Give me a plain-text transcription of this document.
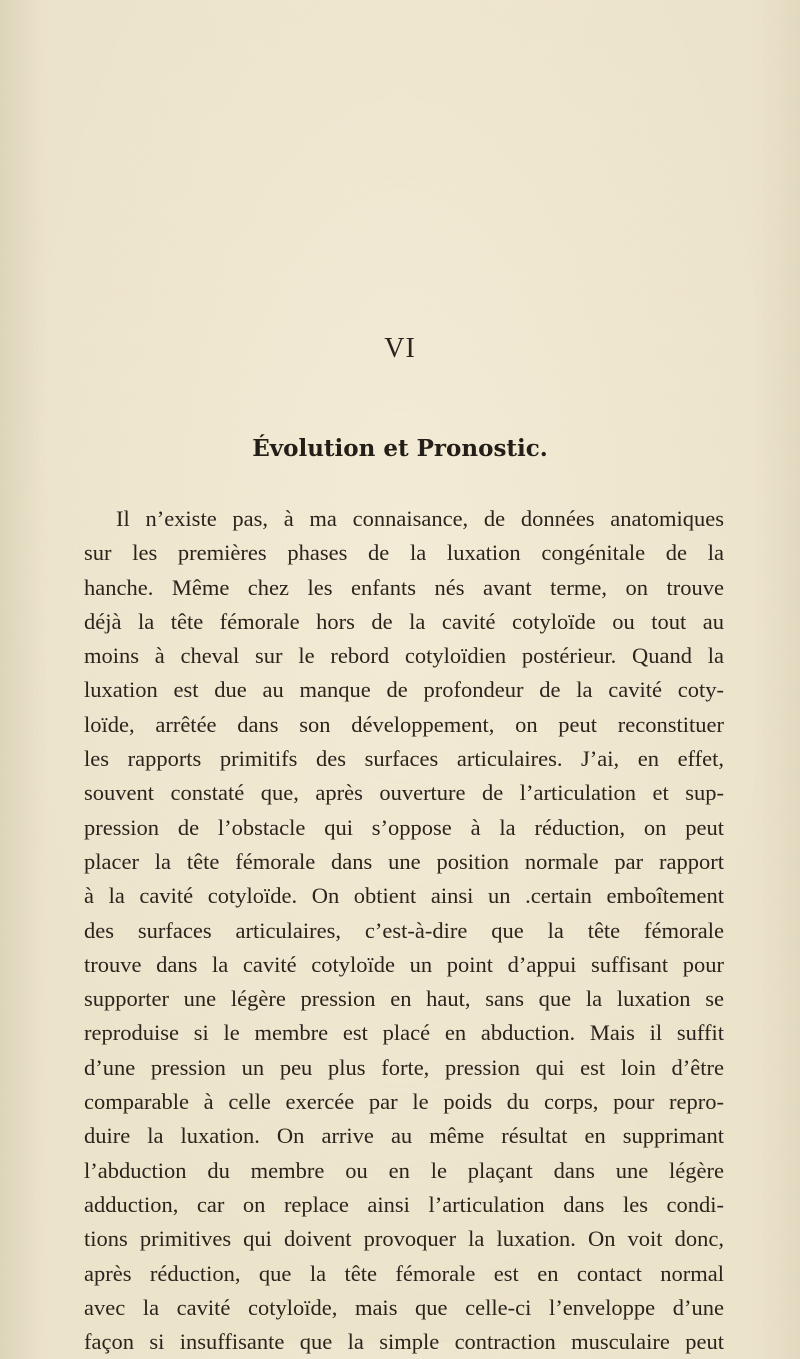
VI
Évolution et Pronostic.
Il n’existe pas, à ma connaisance, de données anatomiques
sur les premières phases de la luxation congénitale de la
hanche. Même chez les enfants nés avant terme, on trouve
déjà la tête fémorale hors de la cavité cotyloïde ou tout au
moins à cheval sur le rebord cotyloïdien postérieur. Quand la
luxation est due au manque de profondeur de la cavité coty-
loïde, arrêtée dans son développement, on peut reconstituer
les rapports primitifs des surfaces articulaires. J’ai, en effet,
souvent constaté que, après ouverture de l’articulation et sup-
pression de l’obstacle qui s’oppose à la réduction, on peut
placer la tête fémorale dans une position normale par rapport
à la cavité cotyloïde. On obtient ainsi un .certain emboîtement
des surfaces articulaires, c’est-à-dire que la tête fémorale
trouve dans la cavité cotyloïde un point d’appui suffisant pour
supporter une légère pression en haut, sans que la luxation se
reproduise si le membre est placé en abduction. Mais il suffit
d’une pression un peu plus forte, pression qui est loin d’être
comparable à celle exercée par le poids du corps, pour repro-
duire la luxation. On arrive au même résultat en supprimant
l’abduction du membre ou en le plaçant dans une légère
adduction, car on replace ainsi l’articulation dans les condi-
tions primitives qui doivent provoquer la luxation. On voit donc,
après réduction, que la tête fémorale est en contact normal
avec la cavité cotyloïde, mais que celle-ci l’enveloppe d’une
façon si insuffisante que la simple contraction musculaire peut
